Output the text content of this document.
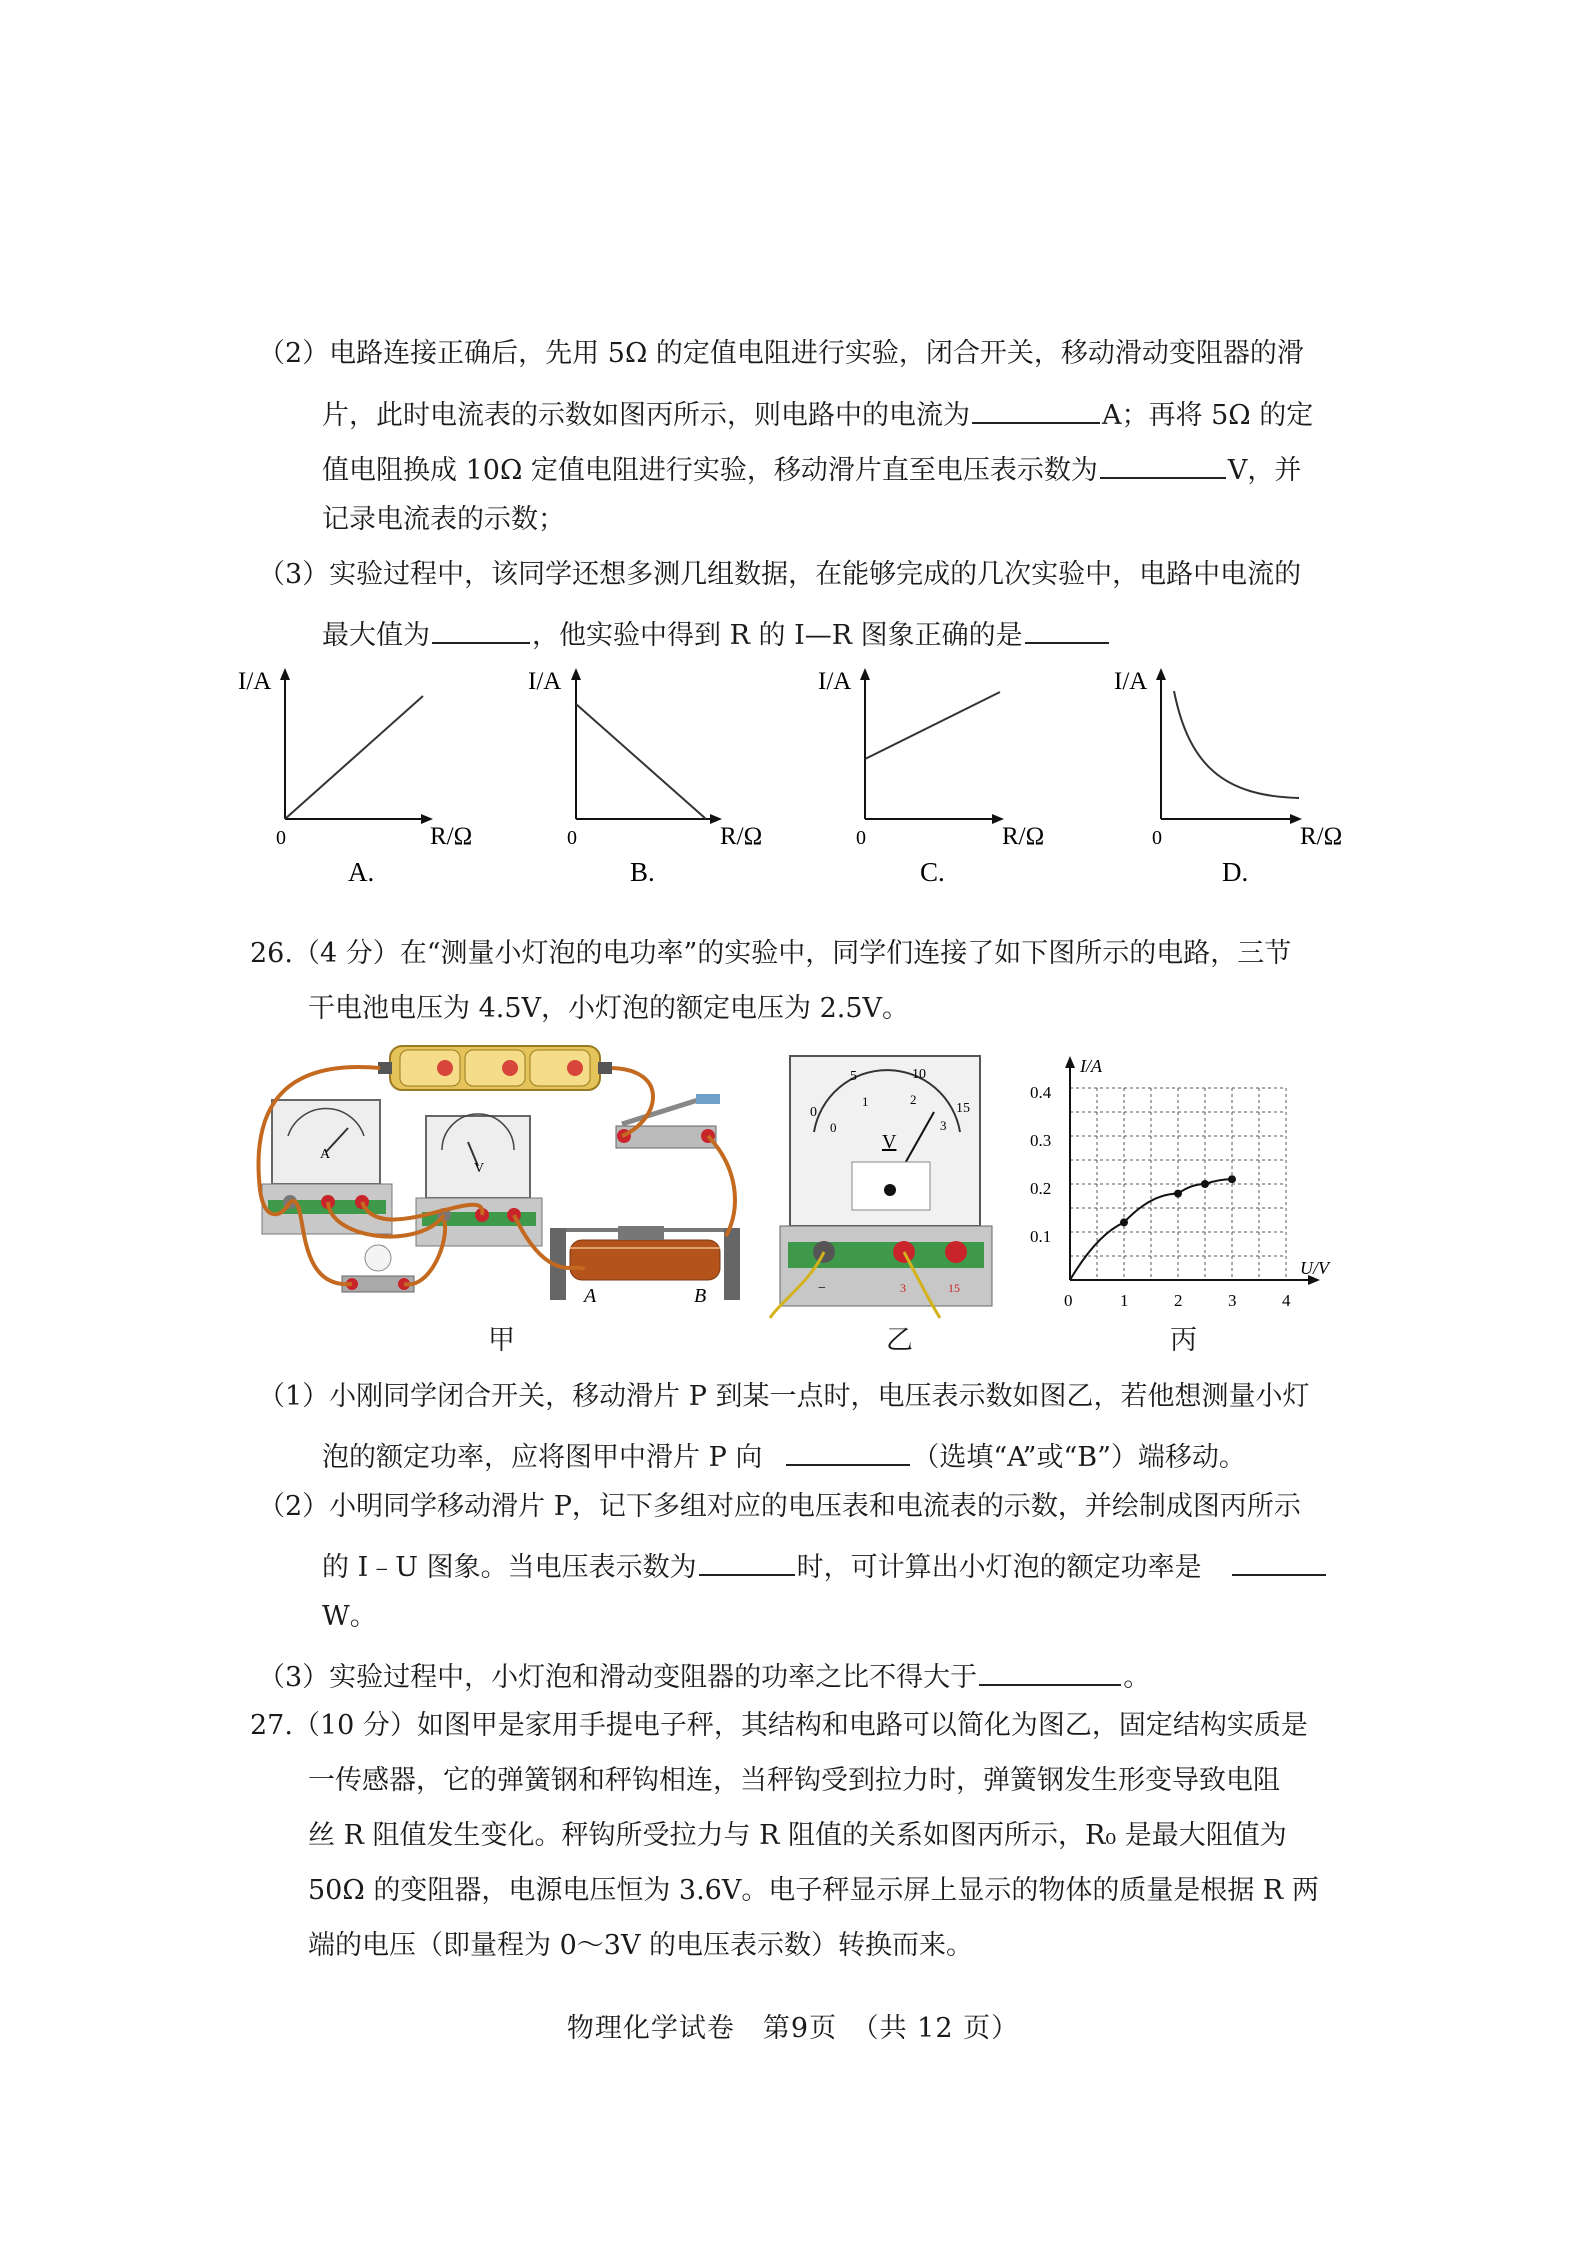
（2）电路连接正确后，先用 5Ω 的定值电阻进行实验，闭合开关，移动滑动变阻器的滑
片，此时电流表的示数如图丙所示，则电路中的电流为	A；再将 5Ω 的定
值电阻换成 10Ω 定值电阻进行实验，移动滑片直至电压表示数为	V，并
记录电流表的示数；
（3）实验过程中，该同学还想多测几组数据，在能够完成的几次实验中，电路中电流的
最大值为	，他实验中得到 R 的 I—R 图象正确的是
I/A
0	R/Ω
A.
I/A
0	R/Ω
B.
I/A
0	R/Ω
C.
I/A
0	R/Ω
D.
26.（4 分）在“测量小灯泡的电功率”的实验中，同学们连接了如下图所示的电路，三节
干电池电压为 4.5V，小灯泡的额定电压为 2.5V。
A
V
A	B
甲
0
5	10
15
0
1	2
3
V
−	3	15
乙
I/A
U/V
0.1
0.2
0.3
0.4
0	1	2	3	4
丙
（1）小刚同学闭合开关，移动滑片 P 到某一点时，电压表示数如图乙，若他想测量小灯
泡的额定功率，应将图甲中滑片 P 向	（选填“A”或“B”）端移动。
（2）小明同学移动滑片 P，记下多组对应的电压表和电流表的示数，并绘制成图丙所示
的 I﹣U 图象。当电压表示数为	时，可计算出小灯泡的额定功率是
W。
（3）实验过程中，小灯泡和滑动变阻器的功率之比不得大于	。
27.（10 分）如图甲是家用手提电子秤，其结构和电路可以简化为图乙，固定结构实质是
一传感器，它的弹簧钢和秤钩相连，当秤钩受到拉力时，弹簧钢发生形变导致电阻
丝 R 阻值发生变化。秤钩所受拉力与 R 阻值的关系如图丙所示，R₀ 是最大阻值为
50Ω 的变阻器，电源电压恒为 3.6V。电子秤显示屏上显示的物体的质量是根据 R 两
端的电压（即量程为 0～3V 的电压表示数）转换而来。
物理化学试卷　第9页　（共 12 页）
